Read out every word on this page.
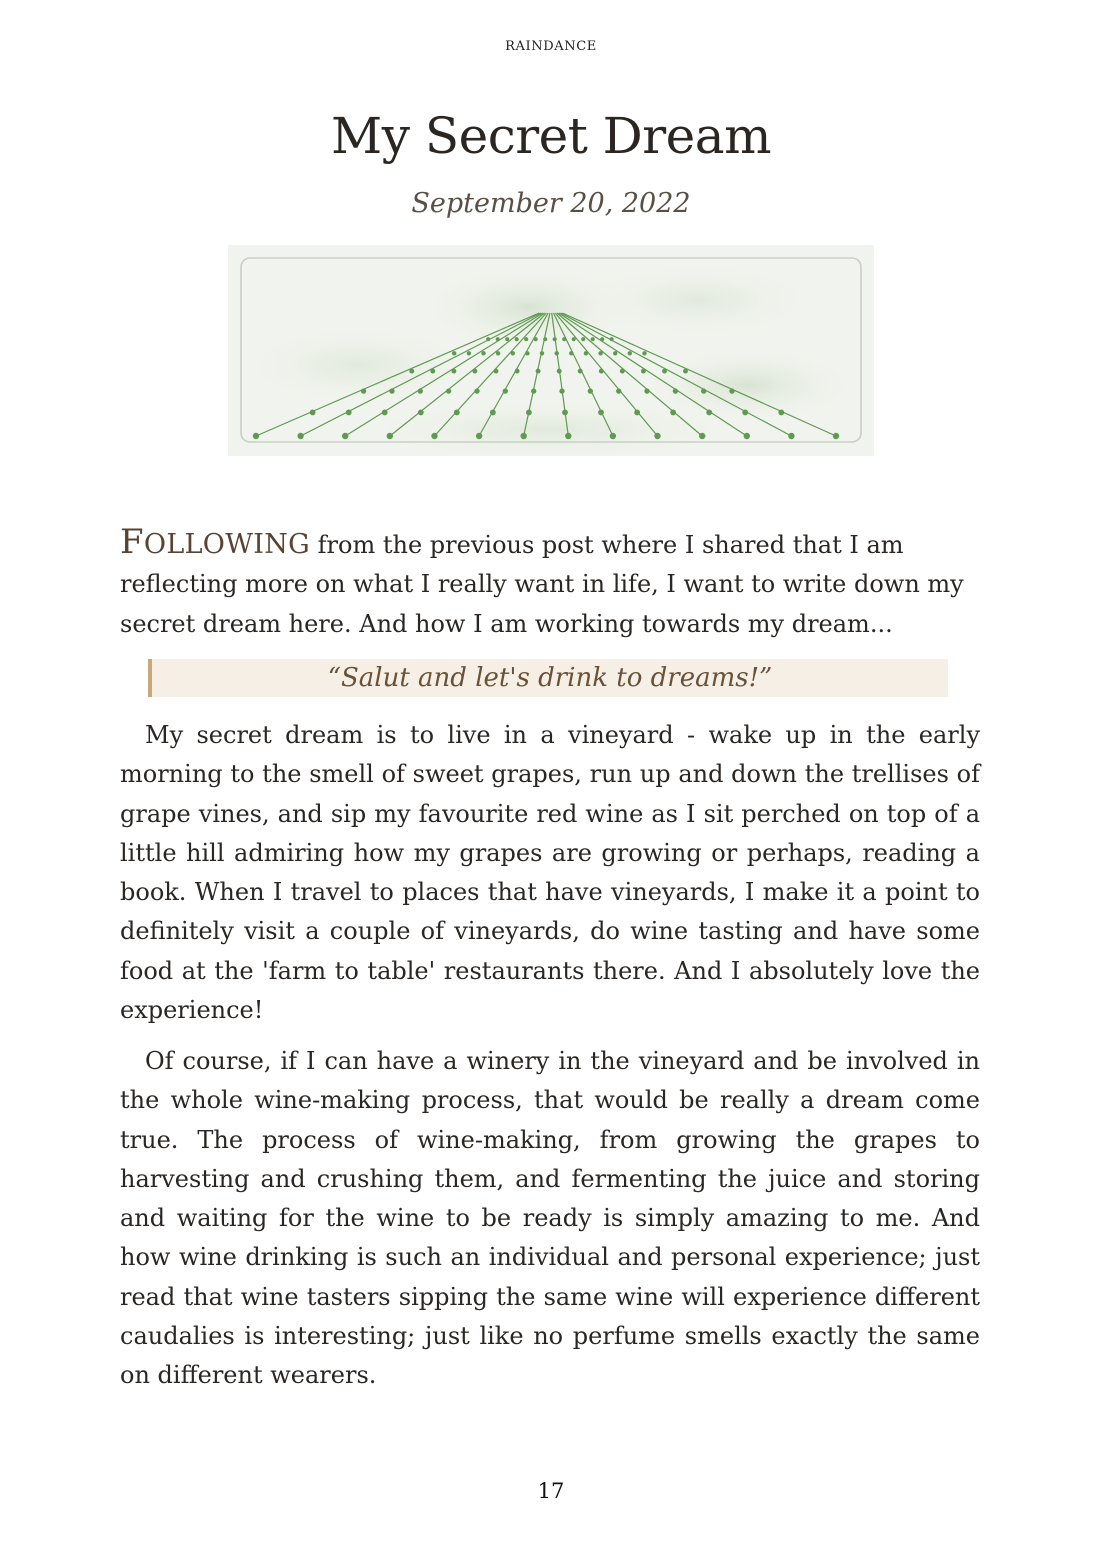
RAINDANCE
My Secret Dream
September 20, 2022
FOLLOWING from the previous post where I shared that I am reflecting more on what I really want in life, I want to write down my secret dream here. And how I am working towards my dream...
“Salut and let's drink to dreams!”

My secret dream is to live in a vineyard - wake up in the early morning to the smell of sweet grapes, run up and down the trellises of grape vines, and sip my favourite red wine as I sit perched on top of a little hill admiring how my grapes are growing or perhaps, reading a book. When I travel to places that have vineyards, I make it a point to definitely visit a couple of vineyards, do wine tasting and have some food at the 'farm to table' restaurants there. And I absolutely love the experience!

Of course, if I can have a winery in the vineyard and be involved in the whole wine-making process, that would be really a dream come true. The process of wine-making, from growing the grapes to harvesting and crushing them, and fermenting the juice and storing and waiting for the wine to be ready is simply amazing to me. And how wine drinking is such an individual and personal experience; just read that wine tasters sipping the same wine will experience different caudalies is interesting; just like no perfume smells exactly the same on different wearers.

17
